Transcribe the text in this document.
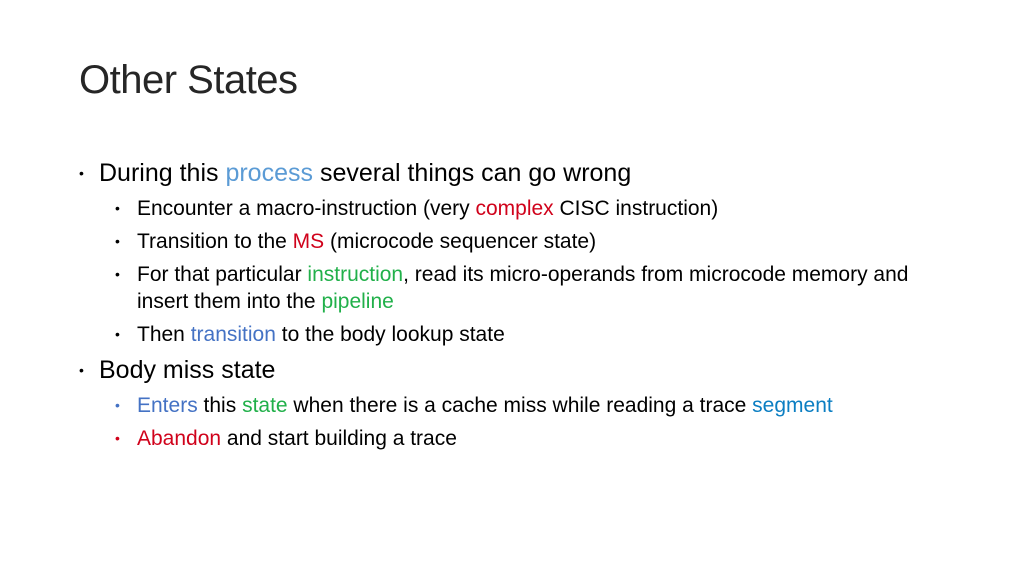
Other States
• During this process several things can go wrong
• Encounter a macro-instruction (very complex CISC instruction)
• Transition to the MS (microcode sequencer state)
• For that particular instruction, read its micro-operands from microcode memory and insert them into the pipeline
• Then transition to the body lookup state
• Body miss state
• Enters this state when there is a cache miss while reading a trace segment
• Abandon and start building a trace
